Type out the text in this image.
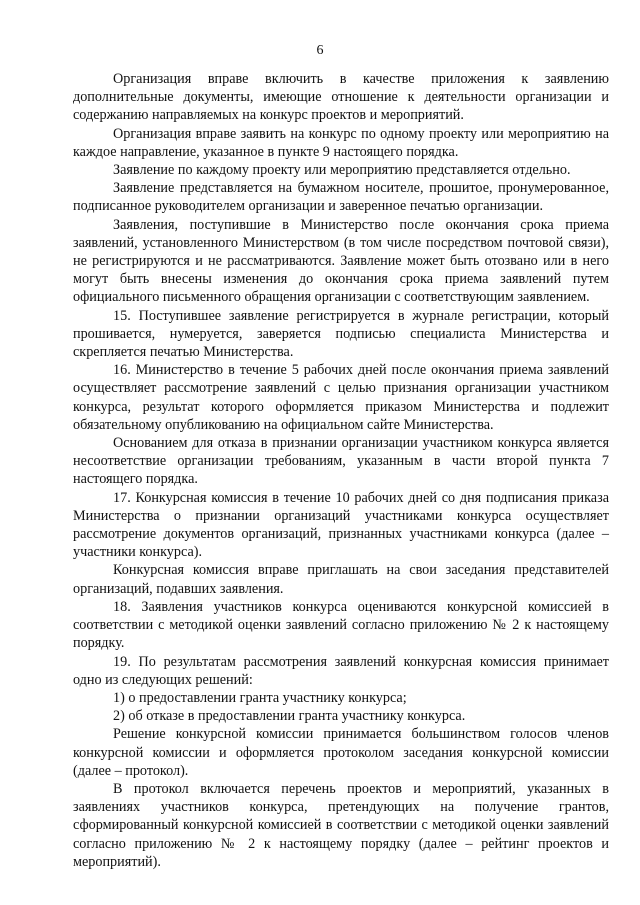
6

Организация вправе включить в качестве приложения к заявлению дополнительные документы, имеющие отношение к деятельности организации и содержанию направляемых на конкурс проектов и мероприятий.

Организация вправе заявить на конкурс по одному проекту или мероприятию на каждое направление, указанное в пункте 9 настоящего порядка.

Заявление по каждому проекту или мероприятию представляется отдельно.

Заявление представляется на бумажном носителе, прошитое, пронумерованное, подписанное руководителем организации и заверенное печатью организации.

Заявления, поступившие в Министерство после окончания срока приема заявлений, установленного Министерством (в том числе посредством почтовой связи), не регистрируются и не рассматриваются. Заявление может быть отозвано или в него могут быть внесены изменения до окончания срока приема заявлений путем официального письменного обращения организации с соответствующим заявлением.

15. Поступившее заявление регистрируется в журнале регистрации, который прошивается, нумеруется, заверяется подписью специалиста Министерства и скрепляется печатью Министерства.

16. Министерство в течение 5 рабочих дней после окончания приема заявлений осуществляет рассмотрение заявлений с целью признания организации участником конкурса, результат которого оформляется приказом Министерства и подлежит обязательному опубликованию на официальном сайте Министерства.

Основанием для отказа в признании организации участником конкурса является несоответствие организации требованиям, указанным в части второй пункта 7 настоящего порядка.

17. Конкурсная комиссия в течение 10 рабочих дней со дня подписания приказа Министерства о признании организаций участниками конкурса осуществляет рассмотрение документов организаций, признанных участниками конкурса (далее – участники конкурса).

Конкурсная комиссия вправе приглашать на свои заседания представителей организаций, подавших заявления.

18. Заявления участников конкурса оцениваются конкурсной комиссией в соответствии с методикой оценки заявлений согласно приложению № 2 к настоящему порядку.

19. По результатам рассмотрения заявлений конкурсная комиссия принимает одно из следующих решений:

1) о предоставлении гранта участнику конкурса;

2) об отказе в предоставлении гранта участнику конкурса.

Решение конкурсной комиссии принимается большинством голосов членов конкурсной комиссии и оформляется протоколом заседания конкурсной комиссии (далее – протокол).

В протокол включается перечень проектов и мероприятий, указанных в заявлениях участников конкурса, претендующих на получение грантов, сформированный конкурсной комиссией в соответствии с методикой оценки заявлений согласно приложению № 2 к настоящему порядку (далее – рейтинг проектов и мероприятий).
